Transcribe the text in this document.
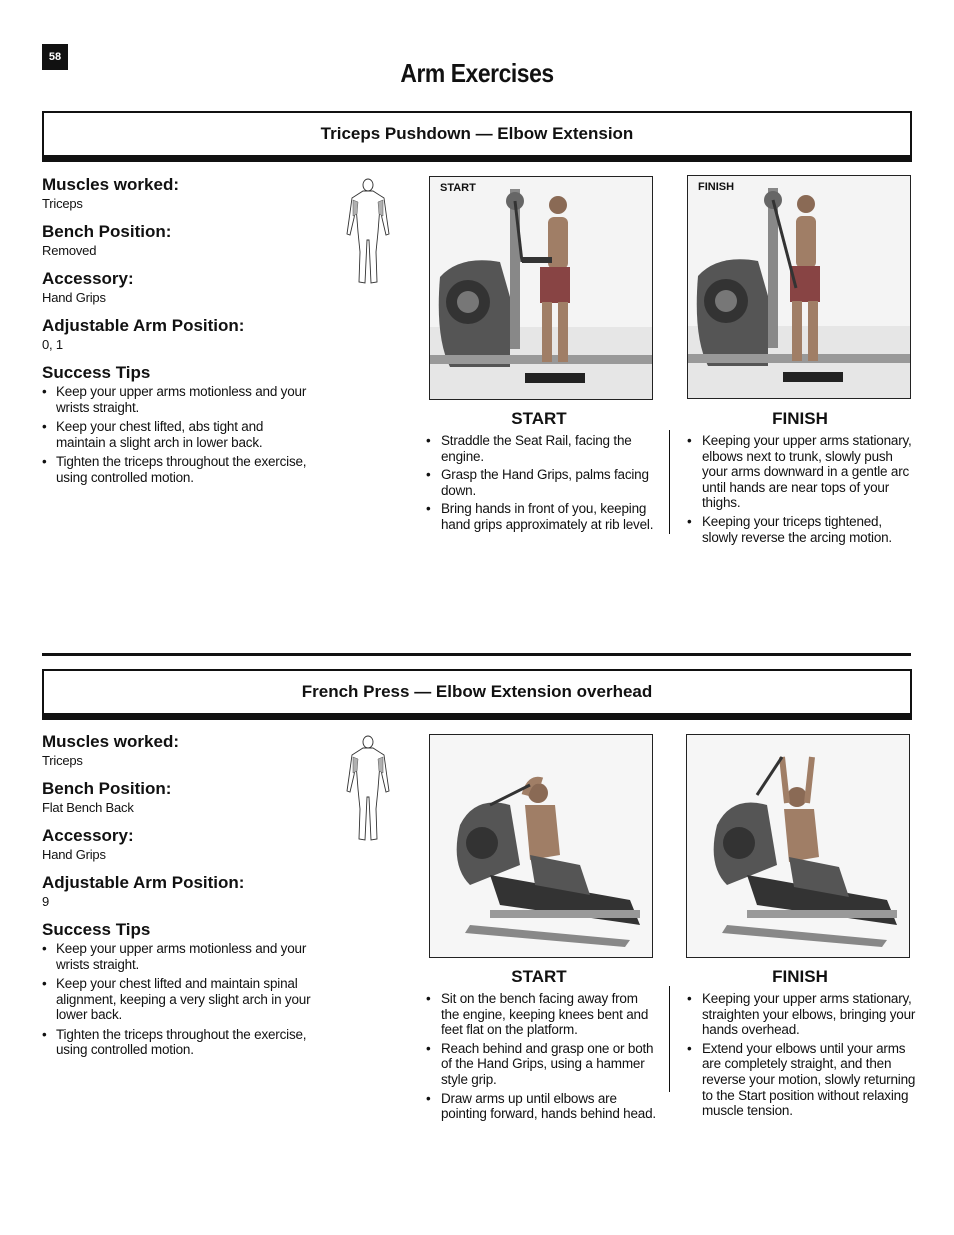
58
Arm Exercises
Triceps Pushdown — Elbow Extension
Muscles worked:
Triceps
Bench Position:
Removed
Accessory:
Hand Grips
Adjustable Arm Position:
0, 1
Success Tips
• Keep your upper arms motionless and your wrists straight.
• Keep your chest lifted, abs tight and maintain a slight arch in lower back.
• Tighten the triceps throughout the exercise, using controlled motion.
START	FINISH
START	FINISH
• Straddle the Seat Rail, facing the engine.
• Grasp the Hand Grips, palms facing down.
• Bring hands in front of you, keeping hand grips approximately at rib level.
• Keeping your upper arms stationary, elbows next to trunk, slowly push your arms downward in a gentle arc until hands are near tops of your thighs.
• Keeping your triceps tightened, slowly reverse the arcing motion.
French Press — Elbow Extension overhead
Muscles worked:
Triceps
Bench Position:
Flat Bench Back
Accessory:
Hand Grips
Adjustable Arm Position:
9
Success Tips
• Keep your upper arms motionless and your wrists straight.
• Keep your chest lifted and maintain spinal alignment, keeping a very slight arch in your lower back.
• Tighten the triceps throughout the exercise, using controlled motion.
START	FINISH
• Sit on the bench facing away from the engine, keeping knees bent and feet flat on the platform.
• Reach behind and grasp one or both of the Hand Grips, using a hammer style grip.
• Draw arms up until elbows are pointing forward, hands behind head.
• Keeping your upper arms stationary, straighten your elbows, bringing your hands overhead.
• Extend your elbows until your arms are completely straight, and then reverse your motion, slowly returning to the Start position without relaxing muscle tension.
